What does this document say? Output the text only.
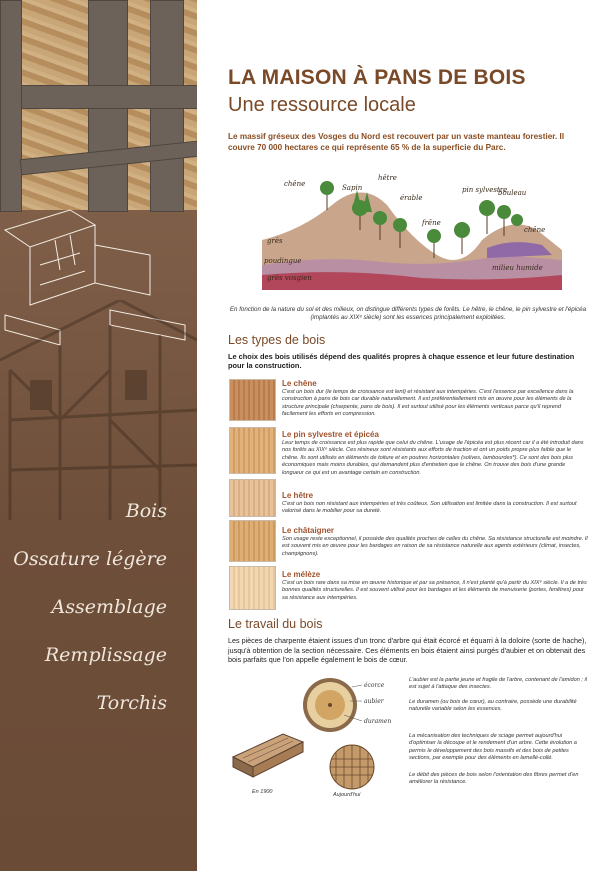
Bois
Ossature légère
Assemblage
Remplissage
Torchis
LA MAISON À PANS DE BOIS
Une ressource locale
Le massif gréseux des Vosges du Nord est recouvert par un vaste manteau forestier. Il couvre 70 000 hectares ce qui représente 65 % de la superficie du Parc.
chêne	Sapin
hêtre
érable
pin sylvestre
bouleau
chêne
grès
poudingue
grès vosgien
frêne
milieu humide
En fonction de la nature du sol et des milieux, on distingue différents types de forêts. Le hêtre, le chêne, le pin sylvestre et l'épicéa (implantés au XIXᵉ siècle) sont les essences principalement exploitées.
Les types de bois
Le choix des bois utilisés dépend des qualités propres à chaque essence et leur future destination pour la construction.
Le chêne
C'est un bois dur (le temps de croissance est lent) et résistant aux intempéries. C'est l'essence par excellence dans la construction à pans de bois car durable naturellement. Il est préférentiellement mis en œuvre pour les éléments de la structure principale (charpente, pans de bois). Il est surtout utilisé pour les éléments verticaux parce qu'il reprend facilement les efforts en compression.
Le pin sylvestre et épicéa
Leur temps de croissance est plus rapide que celui du chêne. L'usage de l'épicéa est plus récent car il a été introduit dans nos forêts au XIXᵉ siècle. Ces résineux sont résistants aux efforts de traction et ont un poids propre plus faible que le chêne. Ils sont utilisés en éléments de toiture et en poutres horizontales (solives, lambourdes*). Ce sont des bois plus économiques mais moins durables, qui demandent plus d'entretien que le chêne. On trouve des bois d'une grande longueur ce qui est un avantage certain en construction.
Le hêtre
C'est un bois non résistant aux intempéries et très coûteux. Son utilisation est limitée dans la construction. Il est surtout valorisé dans le mobilier pour sa dureté.
Le châtaigner
Son usage reste exceptionnel, il possède des qualités proches de celles du chêne. Sa résistance structurelle est moindre. Il est souvent mis en œuvre pour les bardages en raison de sa résistance naturelle aux agents extérieurs (climat, insectes, champignons).
Le mélèze
C'est un bois rare dans sa mise en œuvre historique et par sa présence, il n'est planté qu'à partir du XIXᵉ siècle. Il a de très bonnes qualités structurelles. Il est souvent utilisé pour les bardages et les éléments de menuiserie (portes, fenêtres) pour sa résistance aux intempéries.
Le travail du bois
Les pièces de charpente étaient issues d'un tronc d'arbre qui était écorcé et équarri à la doloire (sorte de hache), jusqu'à obtention de la section nécessaire. Ces éléments en bois étaient ainsi purgés d'aubier et on obtenait des bois parfaits que l'on appelle également le bois de cœur.
écorce
aubier
duramen
En 1900	Aujourd'hui
L'aubier est la partie jeune et fragile de l'arbre, contenant de l'amidon ; il est sujet à l'attaque des insectes.
Le duramen (ou bois de cœur), au contraire, possède une durabilité naturelle variable selon les essences.
La mécanisation des techniques de sciage permet aujourd'hui d'optimiser la découpe et le rendement d'un arbre. Cette évolution a permis le développement des bois massifs et des bois de petites sections, par exemple pour des éléments en lamellé-collé.
Le débit des pièces de bois selon l'orientation des fibres permet d'en améliorer la résistance.
